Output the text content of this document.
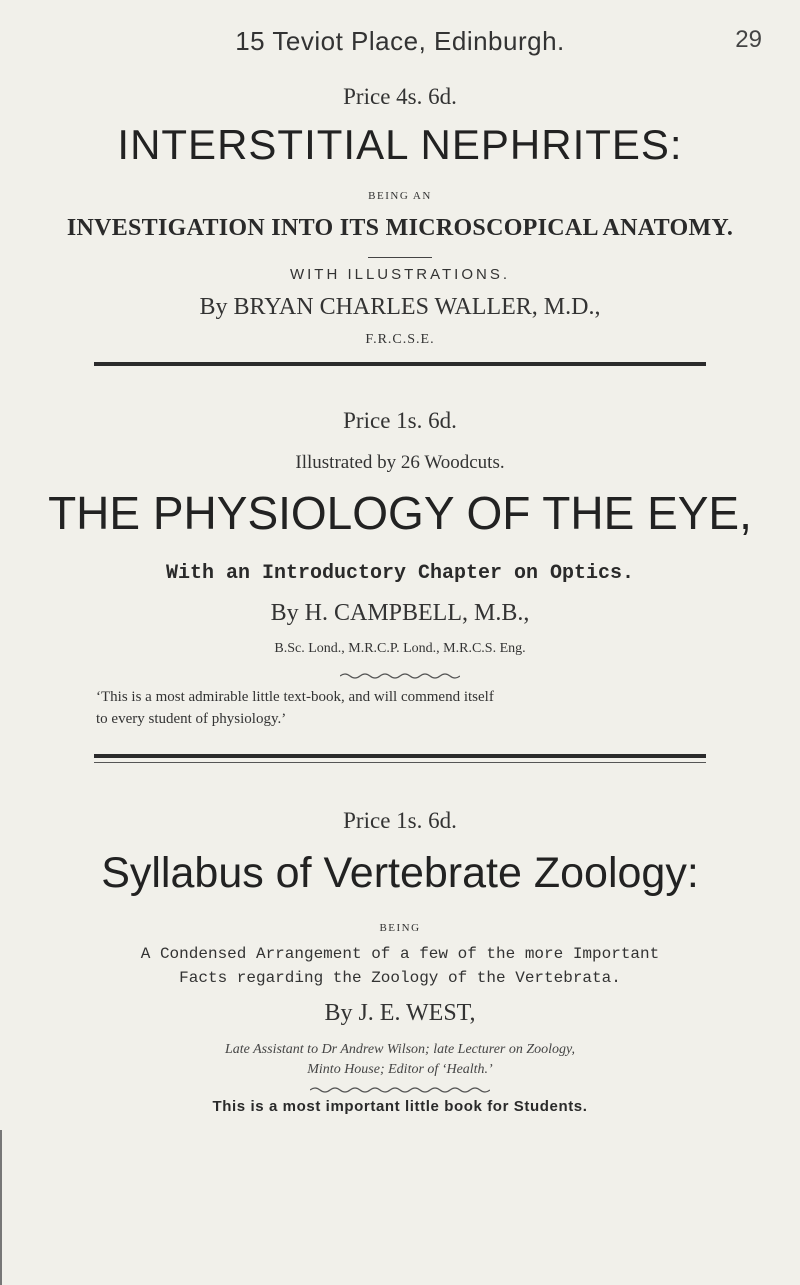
15 Teviot Place, Edinburgh.	29
Price 4s. 6d.
INTERSTITIAL NEPHRITES:
BEING AN
INVESTIGATION INTO ITS MICROSCOPICAL ANATOMY.
WITH ILLUSTRATIONS.
By BRYAN CHARLES WALLER, M.D.,
F.R.C.S.E.
Price 1s. 6d.
Illustrated by 26 Woodcuts.
THE PHYSIOLOGY OF THE EYE,
With an Introductory Chapter on Optics.
By H. CAMPBELL, M.B.,
B.Sc. Lond., M.R.C.P. Lond., M.R.C.S. Eng.
‘This is a most admirable little text-book, and will commend itself
to every student of physiology.’
Price 1s. 6d.
Syllabus of Vertebrate Zoology:
BEING
A Condensed Arrangement of a few of the more Important
Facts regarding the Zoology of the Vertebrata.
By J. E. WEST,
Late Assistant to Dr Andrew Wilson; late Lecturer on Zoology,
Minto House; Editor of ‘Health.’
This is a most important little book for Students.
